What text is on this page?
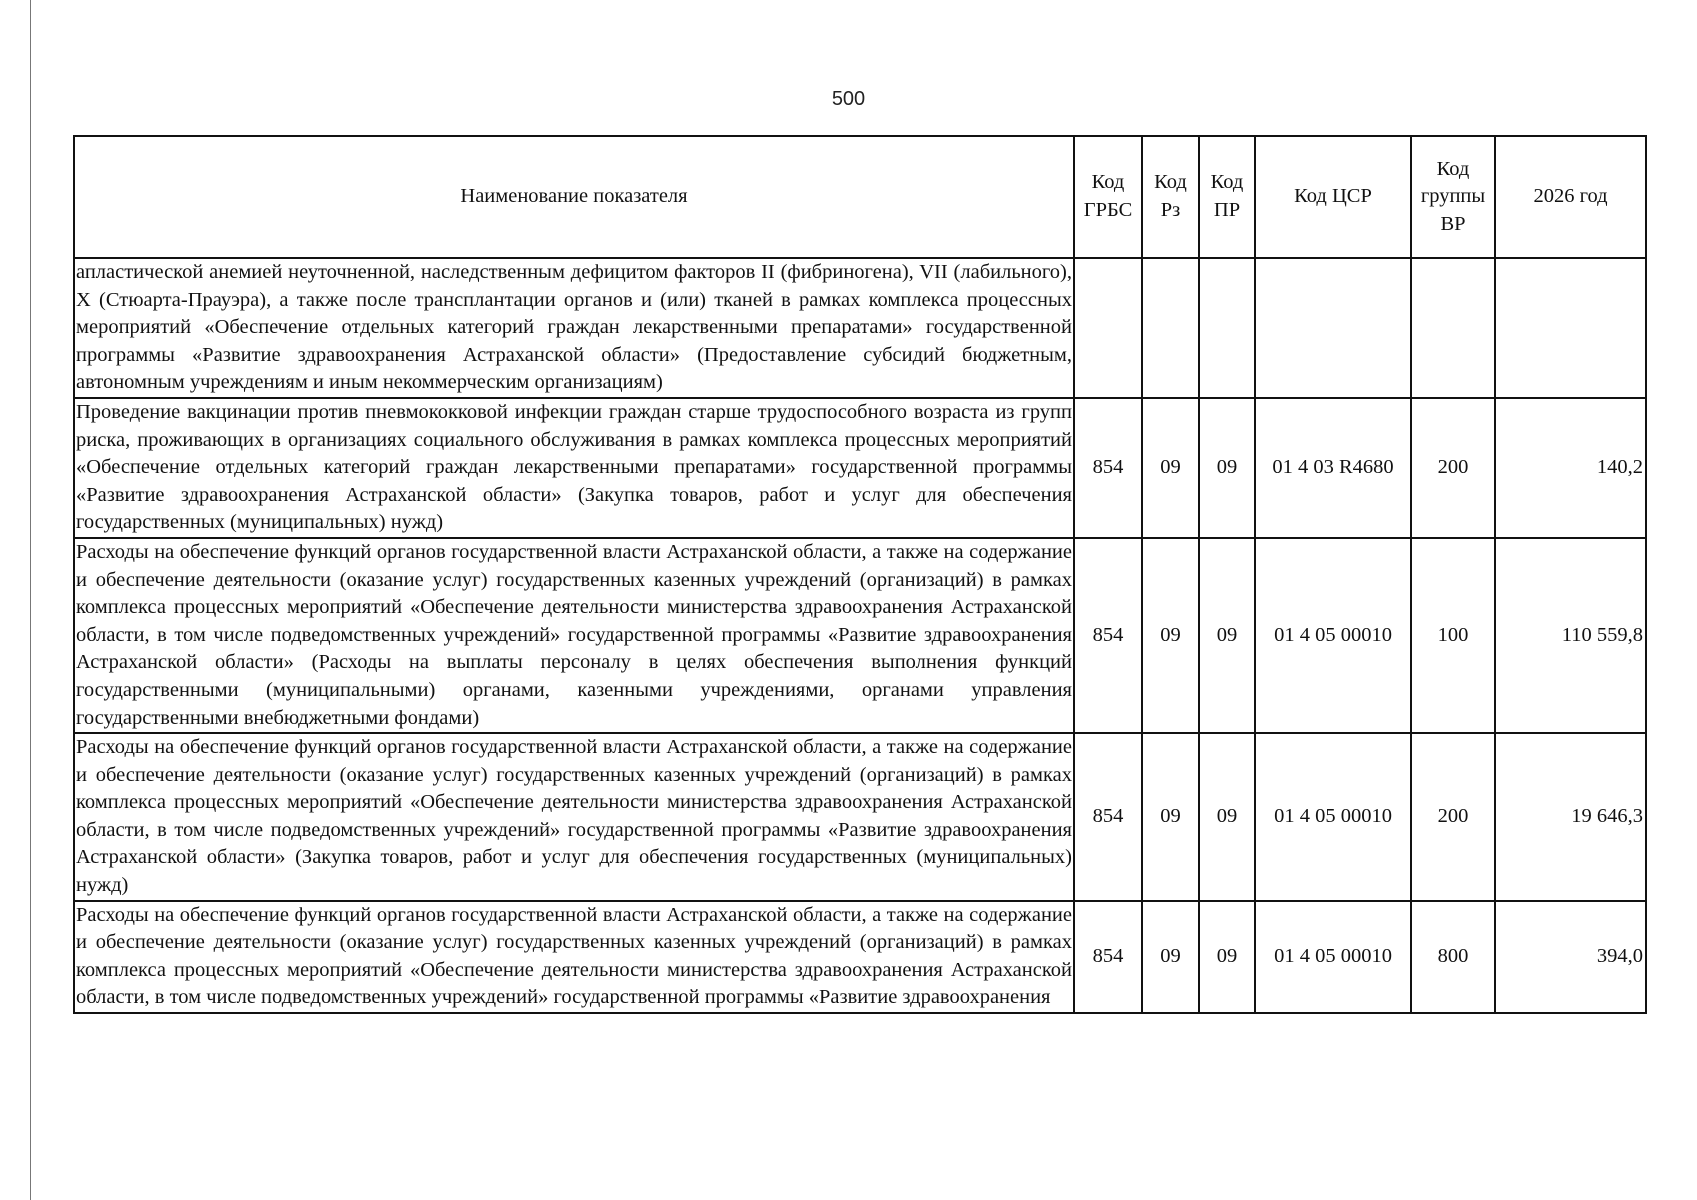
500
Наименование показателя	Код ГРБС	Код Рз	Код ПР	Код ЦСР	Код группы ВР	2026 год
апластической анемией неуточненной, наследственным дефицитом факторов II (фибриногена), VII (лабильного), X (Стюарта-Прауэра), а также после трансплантации органов и (или) тканей в рамках комплекса процессных мероприятий «Обеспечение отдельных категорий граждан лекарственными препаратами» государственной программы «Развитие здравоохранения Астраханской области» (Предоставление субсидий бюджетным, автономным учреждениям и иным некоммерческим организациям)						
Проведение вакцинации против пневмококковой инфекции граждан старше трудоспособного возраста из групп риска, проживающих в организациях социального обслуживания в рамках комплекса процессных мероприятий «Обеспечение отдельных категорий граждан лекарственными препаратами» государственной программы «Развитие здравоохранения Астраханской области» (Закупка товаров, работ и услуг для обеспечения государственных (муниципальных) нужд)	854	09	09	01 4 03 R4680	200	140,2
Расходы на обеспечение функций органов государственной власти Астраханской области, а также на содержание и обеспечение деятельности (оказание услуг) государственных казенных учреждений (организаций) в рамках комплекса процессных мероприятий «Обеспечение деятельности министерства здравоохранения Астраханской области, в том числе подведомственных учреждений» государственной программы «Развитие здравоохранения Астраханской области» (Расходы на выплаты персоналу в целях обеспечения выполнения функций государственными (муниципальными) органами, казенными учреждениями, органами управления государственными внебюджетными фондами)	854	09	09	01 4 05 00010	100	110 559,8
Расходы на обеспечение функций органов государственной власти Астраханской области, а также на содержание и обеспечение деятельности (оказание услуг) государственных казенных учреждений (организаций) в рамках комплекса процессных мероприятий «Обеспечение деятельности министерства здравоохранения Астраханской области, в том числе подведомственных учреждений» государственной программы «Развитие здравоохранения Астраханской области» (Закупка товаров, работ и услуг для обеспечения государственных (муниципальных) нужд)	854	09	09	01 4 05 00010	200	19 646,3
Расходы на обеспечение функций органов государственной власти Астраханской области, а также на содержание и обеспечение деятельности (оказание услуг) государственных казенных учреждений (организаций) в рамках комплекса процессных мероприятий «Обеспечение деятельности министерства здравоохранения Астраханской области, в том числе подведомственных учреждений» государственной программы «Развитие здравоохранения	854	09	09	01 4 05 00010	800	394,0
